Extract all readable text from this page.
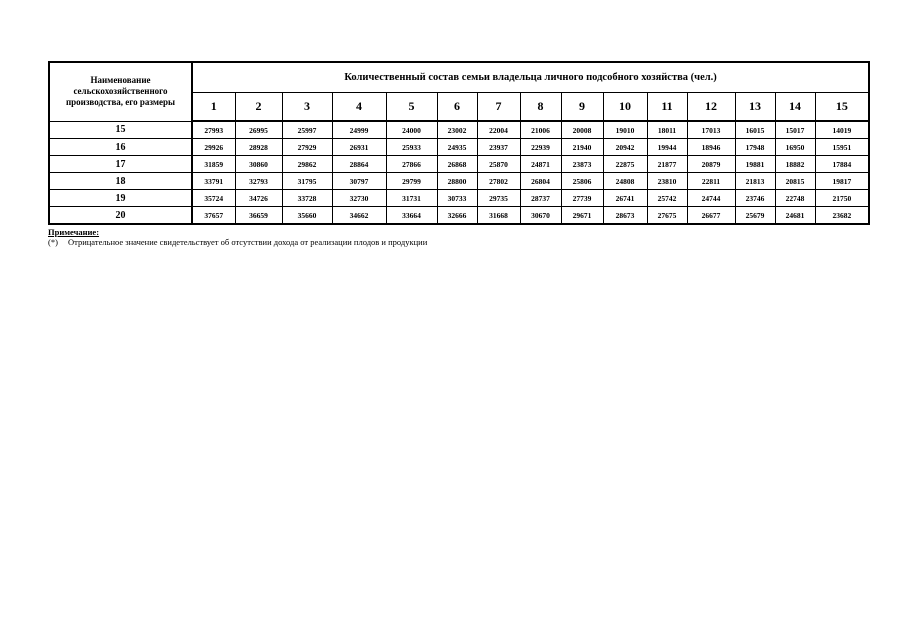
Наименование сельскохозяйственного производства, его размеры	Количественный состав семьи владельца личного подсобного хозяйства (чел.)														
	1	2	3	4	5	6	7	8	9	10	11	12	13	14	15
15	27993	26995	25997	24999	24000	23002	22004	21006	20008	19010	18011	17013	16015	15017	14019
16	29926	28928	27929	26931	25933	24935	23937	22939	21940	20942	19944	18946	17948	16950	15951
17	31859	30860	29862	28864	27866	26868	25870	24871	23873	22875	21877	20879	19881	18882	17884
18	33791	32793	31795	30797	29799	28800	27802	26804	25806	24808	23810	22811	21813	20815	19817
19	35724	34726	33728	32730	31731	30733	29735	28737	27739	26741	25742	24744	23746	22748	21750
20	37657	36659	35660	34662	33664	32666	31668	30670	29671	28673	27675	26677	25679	24681	23682
Примечание:
(*) Отрицательное значение свидетельствует об отсутствии дохода от реализации плодов и продукции
